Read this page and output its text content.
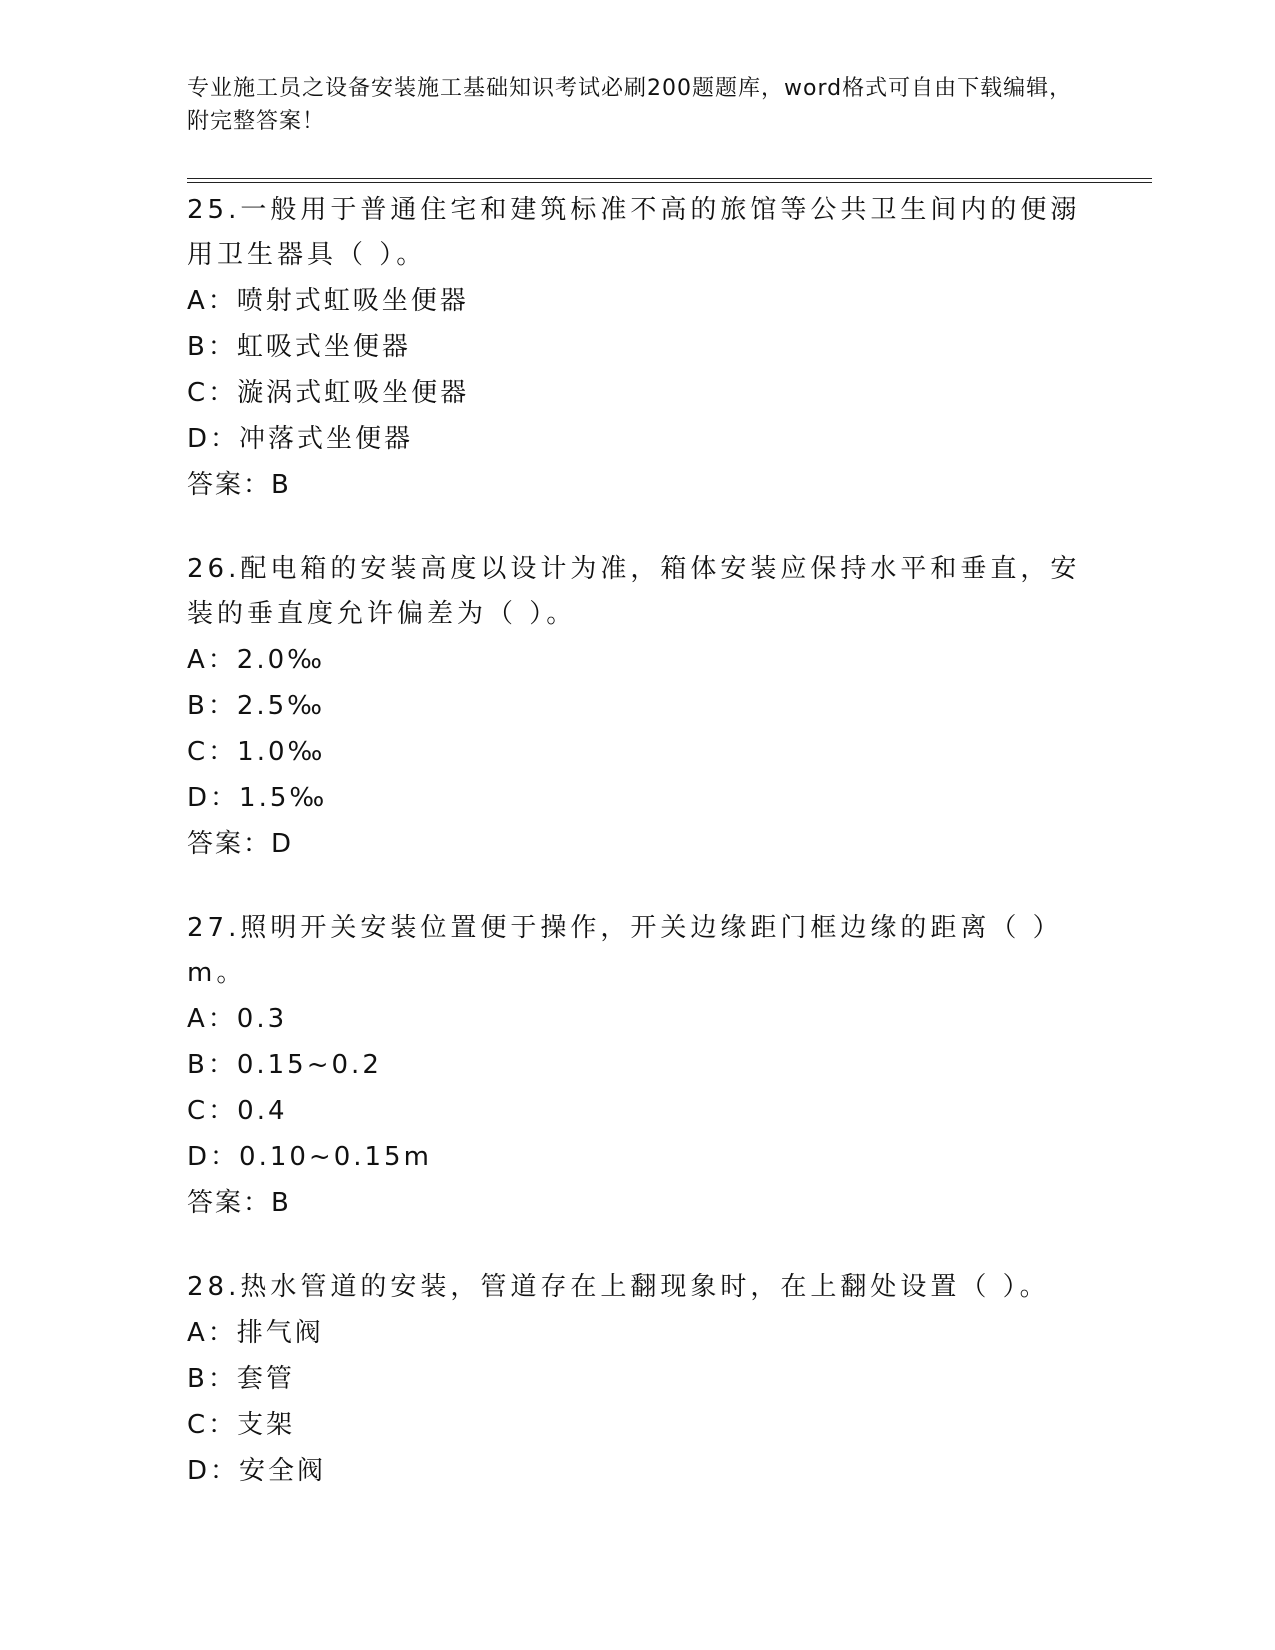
专业施工员之设备安装施工基础知识考试必刷200题题库，word格式可自由下载编辑，附完整答案！

25.一般用于普通住宅和建筑标准不高的旅馆等公共卫生间内的便溺用卫生器具（ ）。

A：喷射式虹吸坐便器
B：虹吸式坐便器
C：漩涡式虹吸坐便器
D：冲落式坐便器
答案：B

26.配电箱的安装高度以设计为准，箱体安装应保持水平和垂直，安装的垂直度允许偏差为（ ）。

A：2.0‰
B：2.5‰
C：1.0‰
D：1.5‰
答案：D

27.照明开关安装位置便于操作，开关边缘距门框边缘的距离（ ）m。

A：0.3
B：0.15~0.2
C：0.4
D：0.10~0.15m
答案：B

28.热水管道的安装，管道存在上翻现象时，在上翻处设置（ ）。

A：排气阀
B：套管
C：支架
D：安全阀
